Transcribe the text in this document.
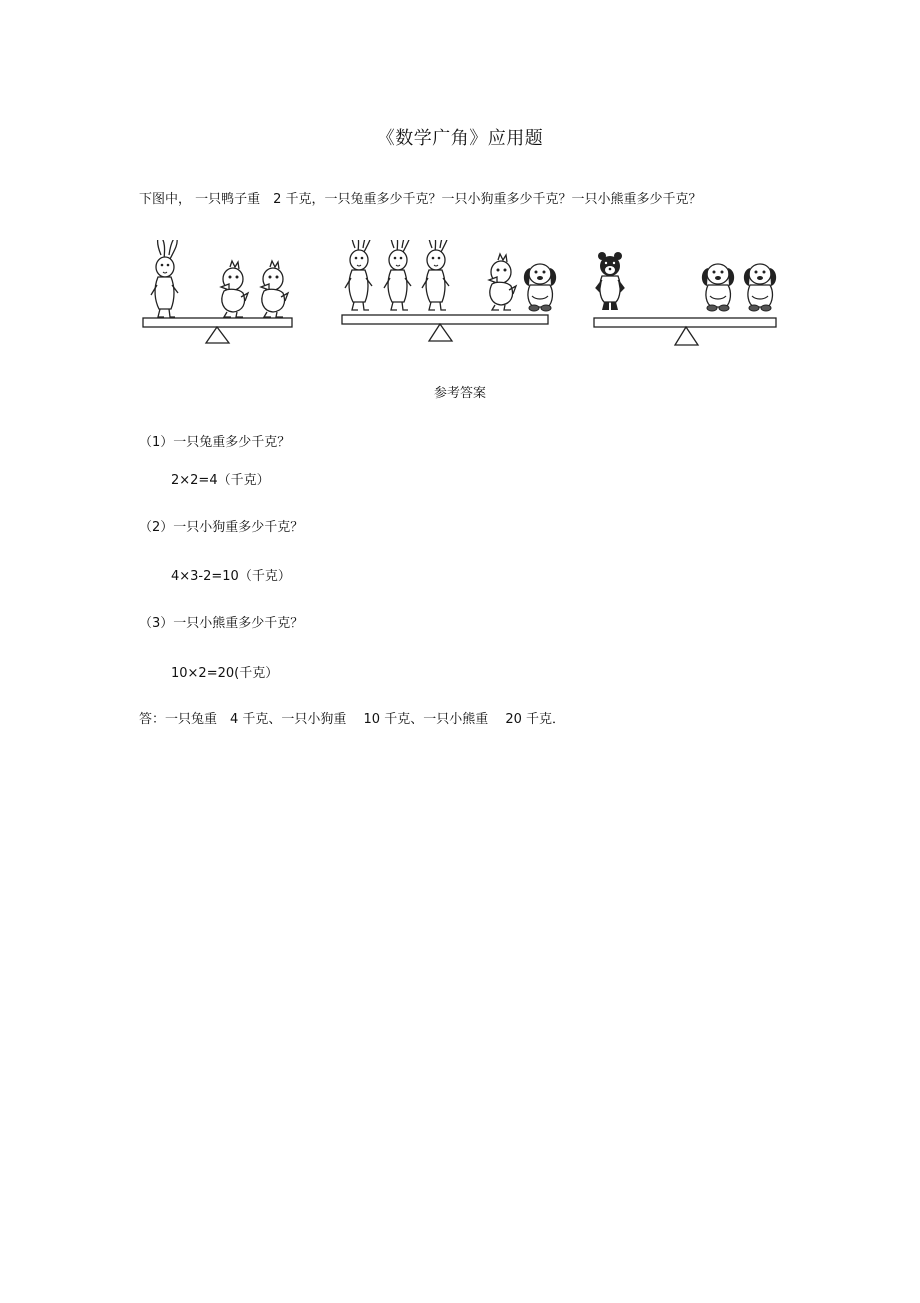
《数学广角》应用题
下图中， 一只鸭子重　2 千克，一只兔重多少千克？一只小狗重多少千克？一只小熊重多少千克？
参考答案
（1）一只兔重多少千克？
2×2=4（千克）
（2）一只小狗重多少千克？
4×3-2=10（千克）
（3）一只小熊重多少千克？
10×2=20(千克）
答：一只兔重　4 千克、一只小狗重　 10 千克、一只小熊重　 20 千克．
